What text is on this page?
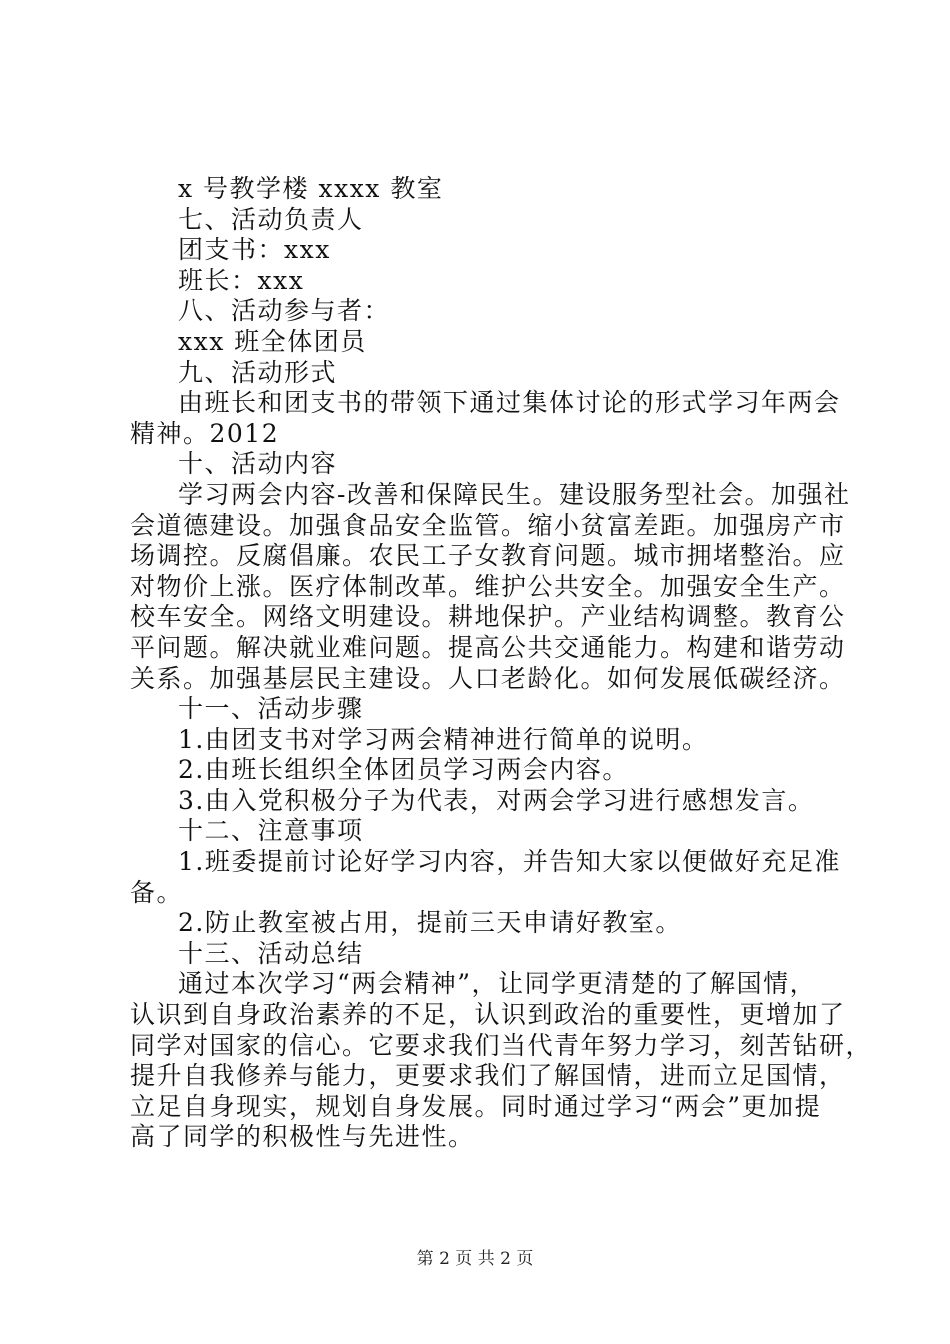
x 号教学楼 xxxx 教室
七、活动负责人
团支书：xxx
班长：xxx
八、活动参与者：
xxx 班全体团员
九、活动形式
由班长和团支书的带领下通过集体讨论的形式学习年两会
精神。2012
十、活动内容
学习两会内容-改善和保障民生。建设服务型社会。加强社
会道德建设。加强食品安全监管。缩小贫富差距。加强房产市
场调控。反腐倡廉。农民工子女教育问题。城市拥堵整治。应
对物价上涨。医疗体制改革。维护公共安全。加强安全生产。
校车安全。网络文明建设。耕地保护。产业结构调整。教育公
平问题。解决就业难问题。提高公共交通能力。构建和谐劳动
关系。加强基层民主建设。人口老龄化。如何发展低碳经济。
十一、活动步骤
1.由团支书对学习两会精神进行简单的说明。
2.由班长组织全体团员学习两会内容。
3.由入党积极分子为代表，对两会学习进行感想发言。
十二、注意事项
1.班委提前讨论好学习内容，并告知大家以便做好充足准
备。
2.防止教室被占用，提前三天申请好教室。
十三、活动总结
通过本次学习“两会精神”，让同学更清楚的了解国情，
认识到自身政治素养的不足，认识到政治的重要性，更增加了
同学对国家的信心。它要求我们当代青年努力学习，刻苦钻研，
提升自我修养与能力，更要求我们了解国情，进而立足国情，
立足自身现实，规划自身发展。同时通过学习“两会”更加提
高了同学的积极性与先进性。
第 2 页 共 2 页
